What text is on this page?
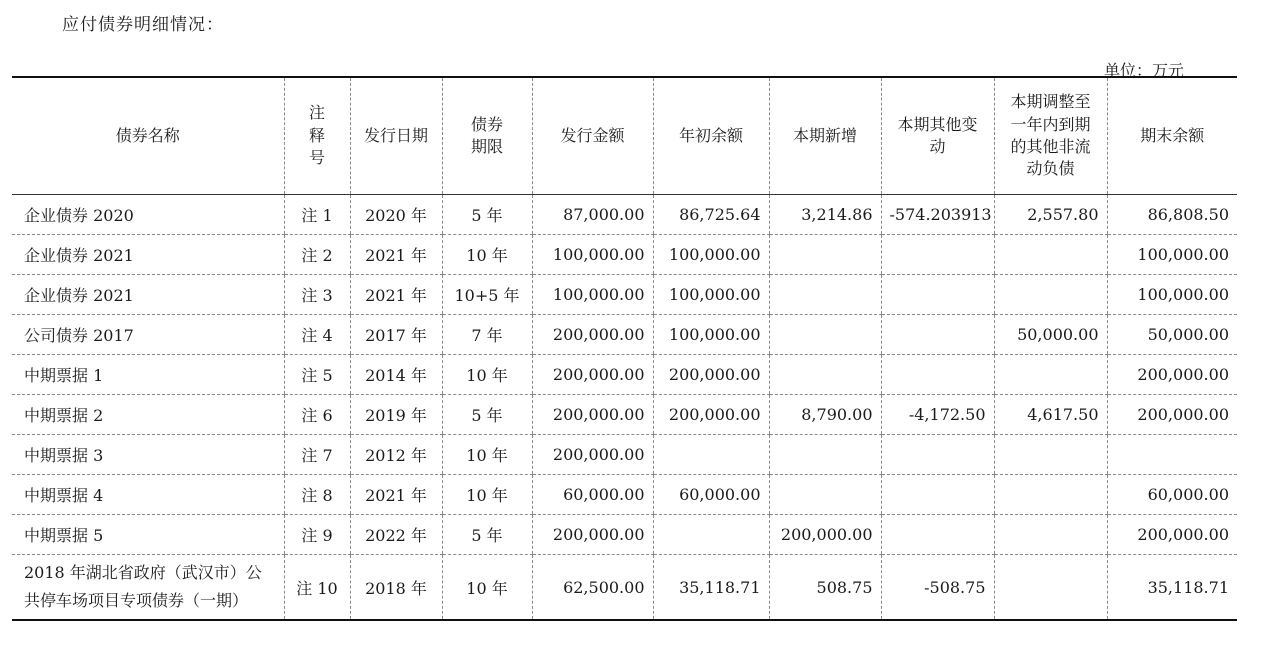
应付债券明细情况：
单位：万元
债券名称	注释号	发行日期	债券期限	发行金额	年初余额	本期新增	本期其他变动	本期调整至一年内到期的其他非流动负债	期末余额
企业债券 2020	注 1	2020 年	5 年	87,000.00	86,725.64	3,214.86	-574.203913	2,557.80	86,808.50
企业债券 2021	注 2	2021 年	10 年	100,000.00	100,000.00				100,000.00
企业债券 2021	注 3	2021 年	10+5 年	100,000.00	100,000.00				100,000.00
公司债券 2017	注 4	2017 年	7 年	200,000.00	100,000.00			50,000.00	50,000.00
中期票据 1	注 5	2014 年	10 年	200,000.00	200,000.00				200,000.00
中期票据 2	注 6	2019 年	5 年	200,000.00	200,000.00	8,790.00	-4,172.50	4,617.50	200,000.00
中期票据 3	注 7	2012 年	10 年	200,000.00					
中期票据 4	注 8	2021 年	10 年	60,000.00	60,000.00				60,000.00
中期票据 5	注 9	2022 年	5 年	200,000.00		200,000.00			200,000.00
2018 年湖北省政府（武汉市）公共停车场项目专项债券（一期）	注 10	2018 年	10 年	62,500.00	35,118.71	508.75	-508.75		35,118.71
